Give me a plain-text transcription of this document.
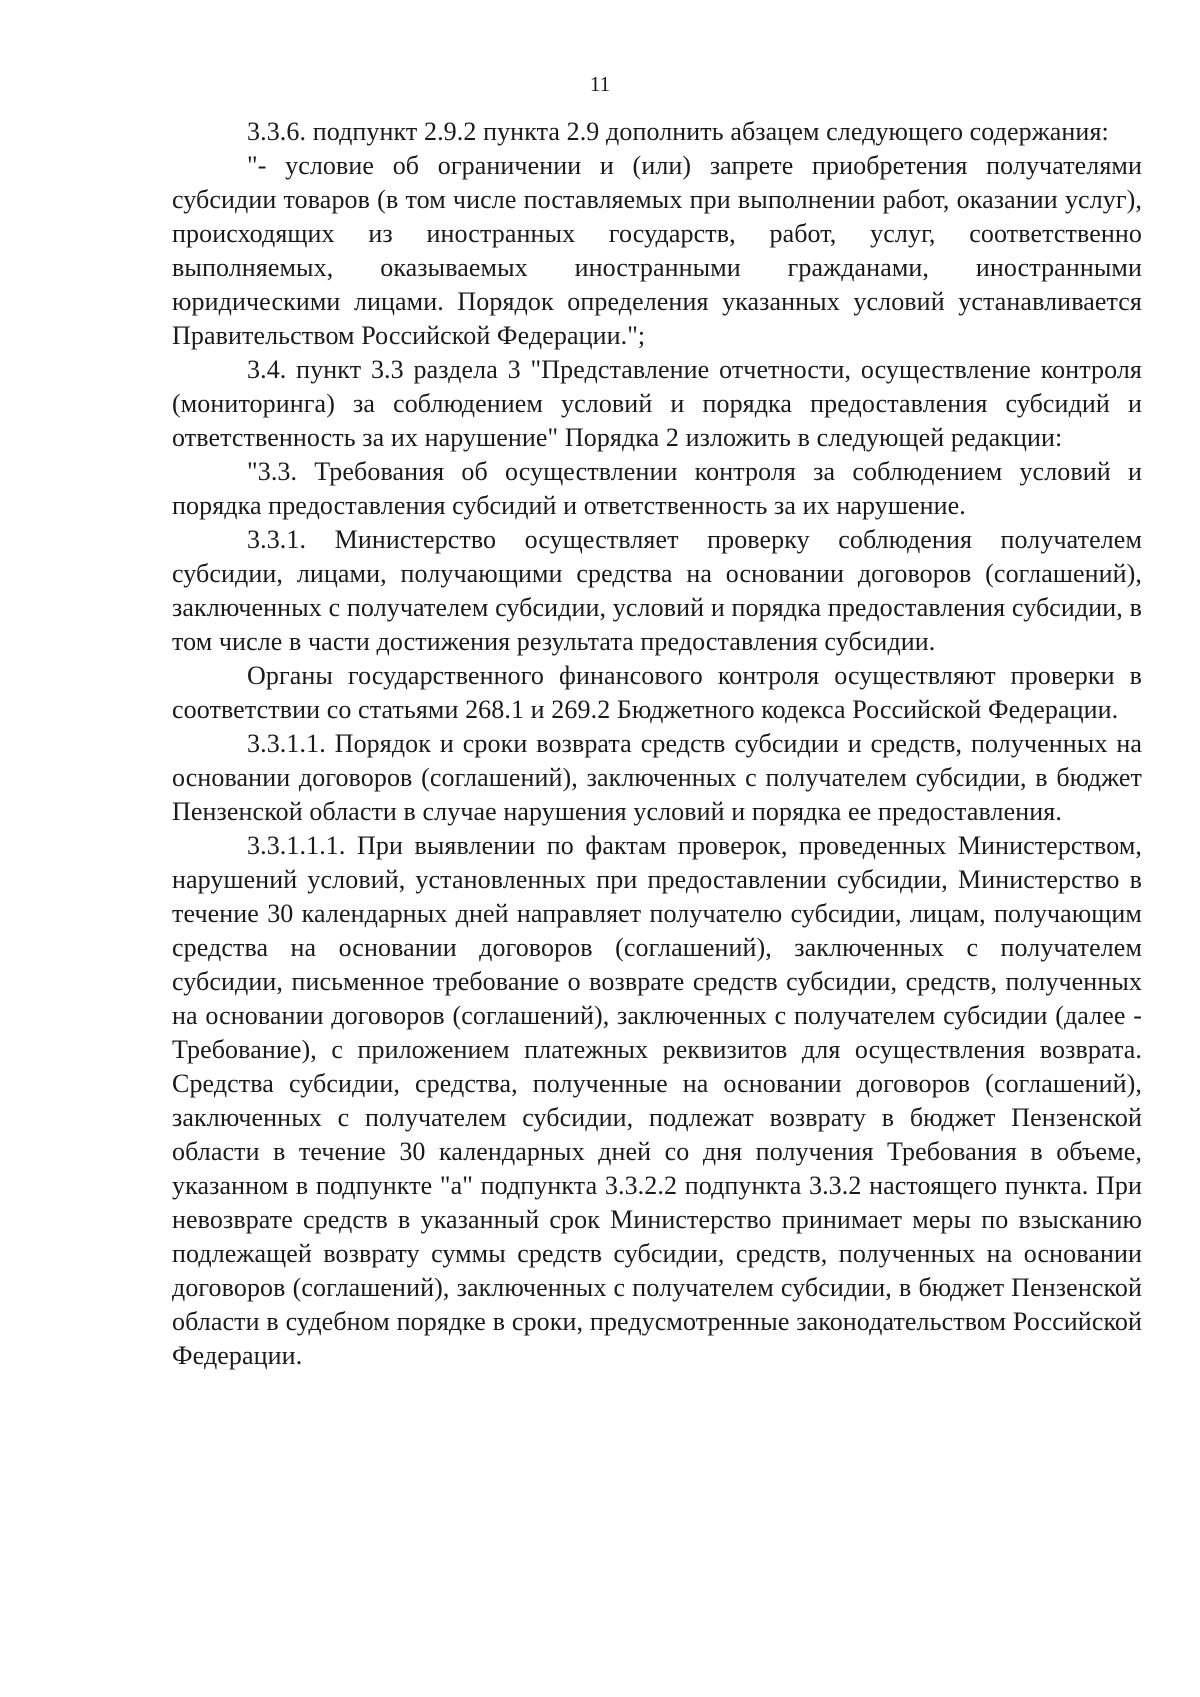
11

3.3.6. подпункт 2.9.2 пункта 2.9 дополнить абзацем следующего содержания:

"- условие об ограничении и (или) запрете приобретения получателями субсидии товаров (в том числе поставляемых при выполнении работ, оказании услуг), происходящих из иностранных государств, работ, услуг, соответственно выполняемых, оказываемых иностранными гражданами, иностранными юридическими лицами. Порядок определения указанных условий устанавливается Правительством Российской Федерации.";

3.4. пункт 3.3 раздела 3 "Представление отчетности, осуществление контроля (мониторинга) за соблюдением условий и порядка предоставления субсидий и ответственность за их нарушение" Порядка 2 изложить в следующей редакции:

"3.3. Требования об осуществлении контроля за соблюдением условий и порядка предоставления субсидий и ответственность за их нарушение.

3.3.1. Министерство осуществляет проверку соблюдения получателем субсидии, лицами, получающими средства на основании договоров (соглашений), заключенных с получателем субсидии, условий и порядка предоставления субсидии, в том числе в части достижения результата предоставления субсидии.

Органы государственного финансового контроля осуществляют проверки в соответствии со статьями 268.1 и 269.2 Бюджетного кодекса Российской Федерации.

3.3.1.1. Порядок и сроки возврата средств субсидии и средств, полученных на основании договоров (соглашений), заключенных с получателем субсидии, в бюджет Пензенской области в случае нарушения условий и порядка ее предоставления.

3.3.1.1.1. При выявлении по фактам проверок, проведенных Министерством, нарушений условий, установленных при предоставлении субсидии, Министерство в течение 30 календарных дней направляет получателю субсидии, лицам, получающим средства на основании договоров (соглашений), заключенных с получателем субсидии, письменное требование о возврате средств субсидии, средств, полученных на основании договоров (соглашений), заключенных с получателем субсидии (далее - Требование), с приложением платежных реквизитов для осуществления возврата. Средства субсидии, средства, полученные на основании договоров (соглашений), заключенных с получателем субсидии, подлежат возврату в бюджет Пензенской области в течение 30 календарных дней со дня получения Требования в объеме, указанном в подпункте "а" подпункта 3.3.2.2 подпункта 3.3.2 настоящего пункта. При невозврате средств в указанный срок Министерство принимает меры по взысканию подлежащей возврату суммы средств субсидии, средств, полученных на основании договоров (соглашений), заключенных с получателем субсидии, в бюджет Пензенской области в судебном порядке в сроки, предусмотренные законодательством Российской Федерации.
